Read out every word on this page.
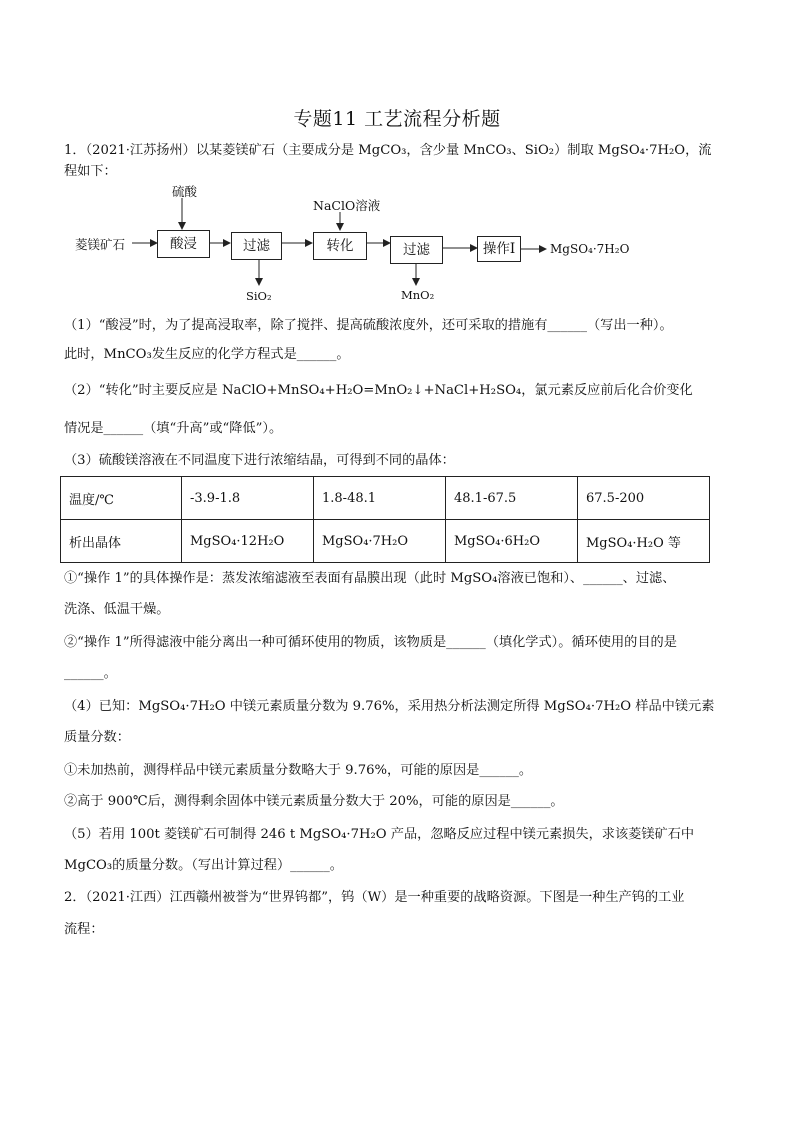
专题11 工艺流程分析题
1．（2021·江苏扬州）以某菱镁矿石（主要成分是 MgCO₃，含少量 MnCO₃、SiO₂）制取 MgSO₄·7H₂O，流
程如下：
硫酸
NaClO溶液
菱镁矿石	酸浸	过滤	转化	过滤	操作I	MgSO₄·7H₂O
SiO₂	MnO₂
（1）“酸浸”时，为了提高浸取率，除了搅拌、提高硫酸浓度外，还可采取的措施有______（写出一种）。
此时，MnCO₃发生反应的化学方程式是______。
（2）“转化”时主要反应是 NaClO+MnSO₄+H₂O=MnO₂↓+NaCl+H₂SO₄，氯元素反应前后化合价变化
情况是______（填“升高”或“降低”）。
（3）硫酸镁溶液在不同温度下进行浓缩结晶，可得到不同的晶体：
温度/℃	-3.9-1.8	1.8-48.1	48.1-67.5	67.5-200
析出晶体	MgSO₄·12H₂O	MgSO₄·7H₂O	MgSO₄·6H₂O	MgSO₄·H₂O 等
①“操作 1”的具体操作是：蒸发浓缩滤液至表面有晶膜出现（此时 MgSO₄溶液已饱和）、______、过滤、
洗涤、低温干燥。
②“操作 1”所得滤液中能分离出一种可循环使用的物质，该物质是______（填化学式）。循环使用的目的是
______。
（4）已知：MgSO₄·7H₂O 中镁元素质量分数为 9.76%，采用热分析法测定所得 MgSO₄·7H₂O 样品中镁元素
质量分数：
①未加热前，测得样品中镁元素质量分数略大于 9.76%，可能的原因是______。
②高于 900℃后，测得剩余固体中镁元素质量分数大于 20%，可能的原因是______。
（5）若用 100t 菱镁矿石可制得 246 t MgSO₄·7H₂O 产品，忽略反应过程中镁元素损失，求该菱镁矿石中
MgCO₃的质量分数。（写出计算过程）______。
2．（2021·江西）江西赣州被誉为“世界钨都”，钨（W）是一种重要的战略资源。下图是一种生产钨的工业
流程：
